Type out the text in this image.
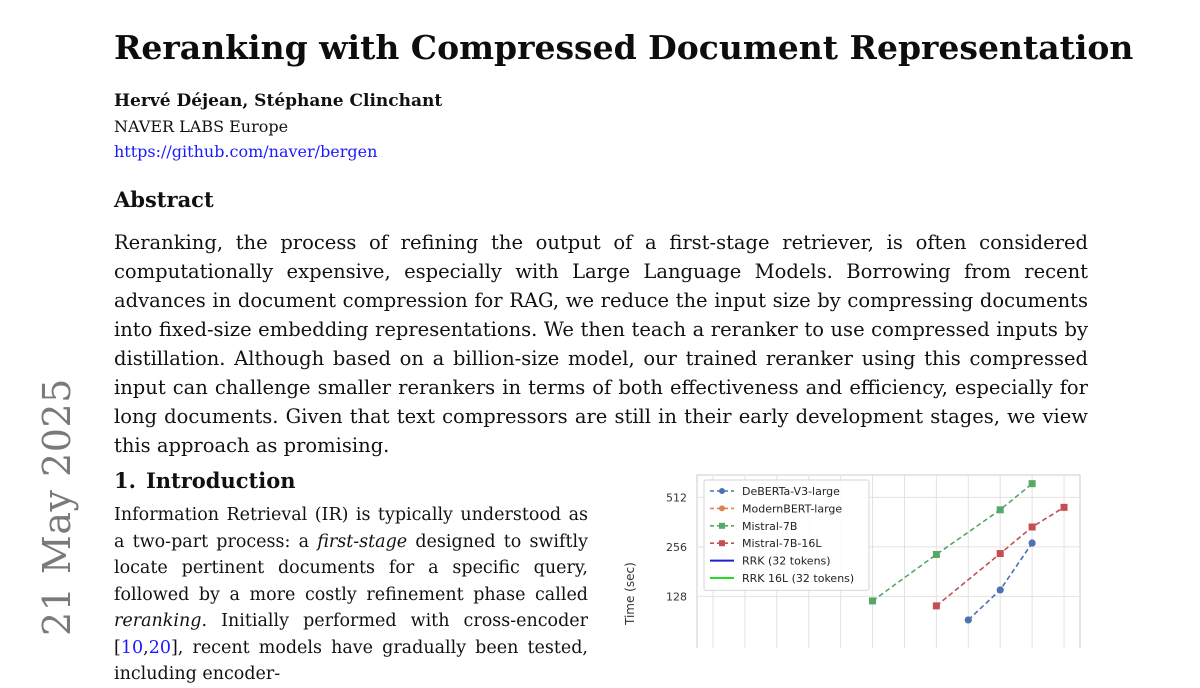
21 May 2025
Reranking with Compressed Document Representation
Hervé Déjean, Stéphane Clinchant
NAVER LABS Europe
https://github.com/naver/bergen
Abstract

Reranking, the process of refining the output of a first-stage retriever, is often considered computationally expensive, especially with Large Language Models. Borrowing from recent advances in document compression for RAG, we reduce the input size by compressing documents into fixed-size embedding representations. We then teach a reranker to use compressed inputs by distillation. Although based on a billion-size model, our trained reranker using this compressed input can challenge smaller rerankers in terms of both effectiveness and efficiency, especially for long documents. Given that text compressors are still in their early development stages, we view this approach as promising.

1. Introduction

Information Retrieval (IR) is typically understood as a two-part process: a first-stage designed to swiftly locate pertinent documents for a specific query, followed by a more costly refinement phase called reranking. Initially performed with cross-encoder [10,20], recent models have gradually been tested, including encoder-

128
256
512
Time (sec)
DeBERTa-V3-large
ModernBERT-large
Mistral-7B
Mistral-7B-16L
RRK (32 tokens)
RRK 16L (32 tokens)
